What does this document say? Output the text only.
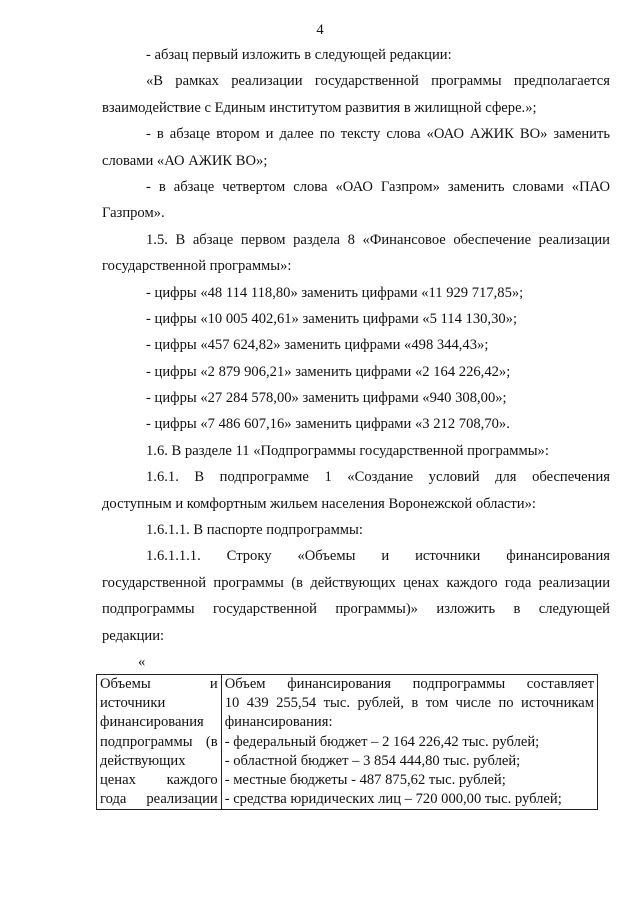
4
- абзац первый изложить в следующей редакции:
«В рамках реализации государственной программы предполагается
взаимодействие с Единым институтом развития в жилищной сфере.»;
- в абзаце втором и далее по тексту слова «ОАО АЖИК ВО» заменить
словами «АО АЖИК ВО»;
- в абзаце четвертом слова «ОАО Газпром» заменить словами «ПАО
Газпром».
1.5. В абзаце первом раздела 8 «Финансовое обеспечение реализации
государственной программы»:
- цифры «48 114 118,80» заменить цифрами «11 929 717,85»;
- цифры «10 005 402,61» заменить цифрами «5 114 130,30»;
- цифры «457 624,82» заменить цифрами «498 344,43»;
- цифры «2 879 906,21» заменить цифрами «2 164 226,42»;
- цифры «27 284 578,00» заменить цифрами «940 308,00»;
- цифры «7 486 607,16» заменить цифрами «3 212 708,70».
1.6. В разделе 11 «Подпрограммы государственной программы»:
1.6.1. В подпрограмме 1 «Создание условий для обеспечения
доступным и комфортным жильем населения Воронежской области»:
1.6.1.1. В паспорте подпрограммы:
1.6.1.1.1. Строку «Объемы и источники финансирования
государственной программы (в действующих ценах каждого года реализации
подпрограммы государственной программы)» изложить в следующей
редакции:
«
Объемы и
источники
финансирования
подпрограммы (в
действующих
ценах каждого
года реализации

Объем финансирования подпрограммы составляет
10 439 255,54 тыс. рублей, в том числе по источникам
финансирования:
- федеральный бюджет – 2 164 226,42 тыс. рублей;
- областной бюджет – 3 854 444,80 тыс. рублей;
- местные бюджеты - 487 875,62 тыс. рублей;
- средства юридических лиц – 720 000,00 тыс. рублей;
